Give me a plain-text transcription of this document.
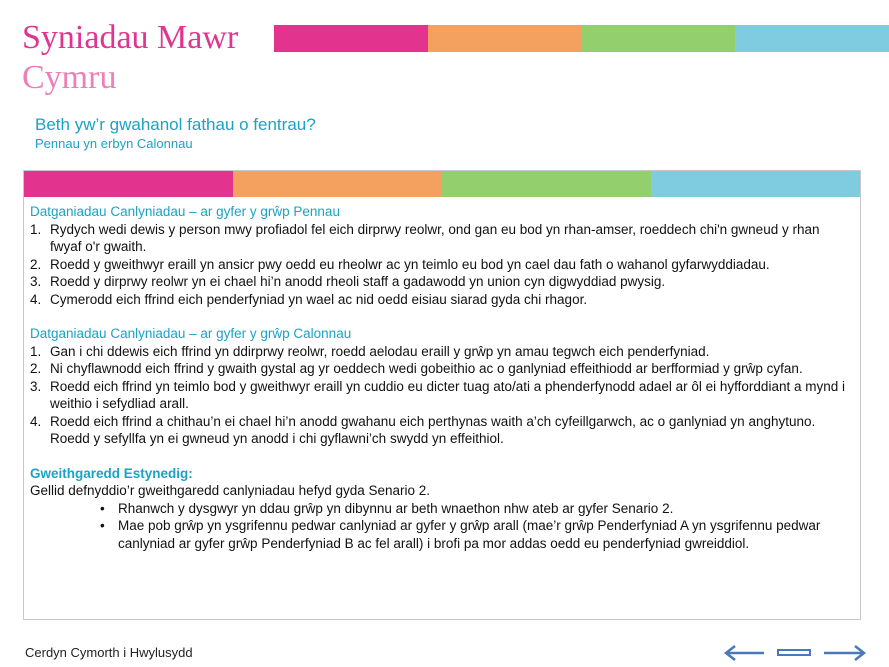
Syniadau Mawr
Cymru
Beth yw’r gwahanol fathau o fentrau?
Pennau yn erbyn Calonnau
Datganiadau Canlyniadau – ar gyfer y grŵp Pennau
1. Rydych wedi dewis y person mwy profiadol fel eich dirprwy reolwr, ond gan eu bod yn rhan-amser, roeddech chi'n gwneud y rhan fwyaf o'r gwaith.
2. Roedd y gweithwyr eraill yn ansicr pwy oedd eu rheolwr ac yn teimlo eu bod yn cael dau fath o wahanol gyfarwyddiadau.
3. Roedd y dirprwy reolwr yn ei chael hi’n anodd rheoli staff a gadawodd yn union cyn digwyddiad pwysig.
4. Cymerodd eich ffrind eich penderfyniad yn wael ac nid oedd eisiau siarad gyda chi rhagor.
Datganiadau Canlyniadau – ar gyfer y grŵp Calonnau
1. Gan i chi ddewis eich ffrind yn ddirprwy reolwr, roedd aelodau eraill y grŵp yn amau tegwch eich penderfyniad.
2. Ni chyflawnodd eich ffrind y gwaith gystal ag yr oeddech wedi gobeithio ac o ganlyniad effeithiodd ar berfformiad y grŵp cyfan.
3. Roedd eich ffrind yn teimlo bod y gweithwyr eraill yn cuddio eu dicter tuag ato/ati a phenderfynodd adael ar ôl ei hyfforddiant a mynd i weithio i sefydliad arall.
4. Roedd eich ffrind a chithau’n ei chael hi’n anodd gwahanu eich perthynas waith a’ch cyfeillgarwch, ac o ganlyniad yn anghytuno. Roedd y sefyllfa yn ei gwneud yn anodd i chi gyflawni’ch swydd yn effeithiol.
Gweithgaredd Estynedig:
Gellid defnyddio’r gweithgaredd canlyniadau hefyd gyda Senario 2.
• Rhanwch y dysgwyr yn ddau grŵp yn dibynnu ar beth wnaethon nhw ateb ar gyfer Senario 2.
• Mae pob grŵp yn ysgrifennu pedwar canlyniad ar gyfer y grŵp arall (mae’r grŵp Penderfyniad A yn ysgrifennu pedwar canlyniad ar gyfer grŵp Penderfyniad B ac fel arall) i brofi pa mor addas oedd eu penderfyniad gwreiddiol.
Cerdyn Cymorth i Hwylusydd
